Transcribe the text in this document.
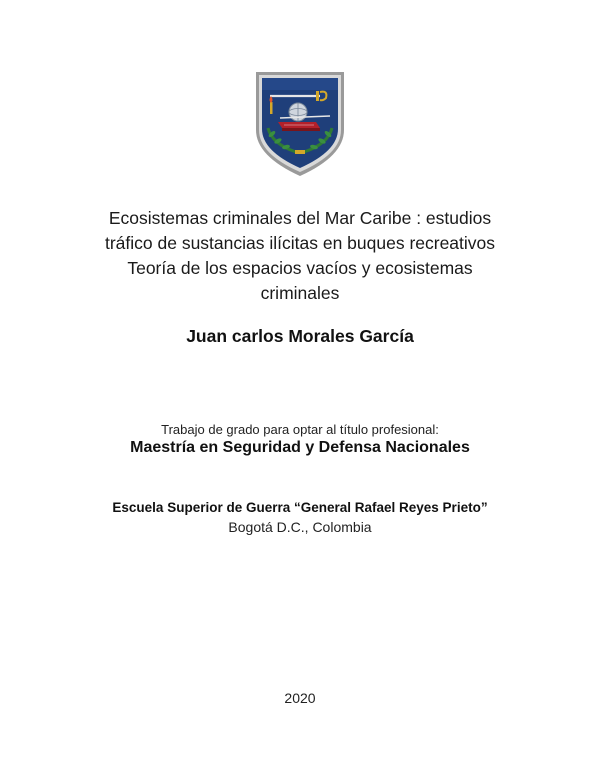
Ecosistemas criminales del Mar Caribe : estudios
tráfico de sustancias ilícitas en buques recreativos
Teoría de los espacios vacíos y ecosistemas
criminales
Juan carlos Morales García
Trabajo de grado para optar al título profesional:
Maestría en Seguridad y Defensa Nacionales
Escuela Superior de Guerra “General Rafael Reyes Prieto”
Bogotá D.C., Colombia
2020
